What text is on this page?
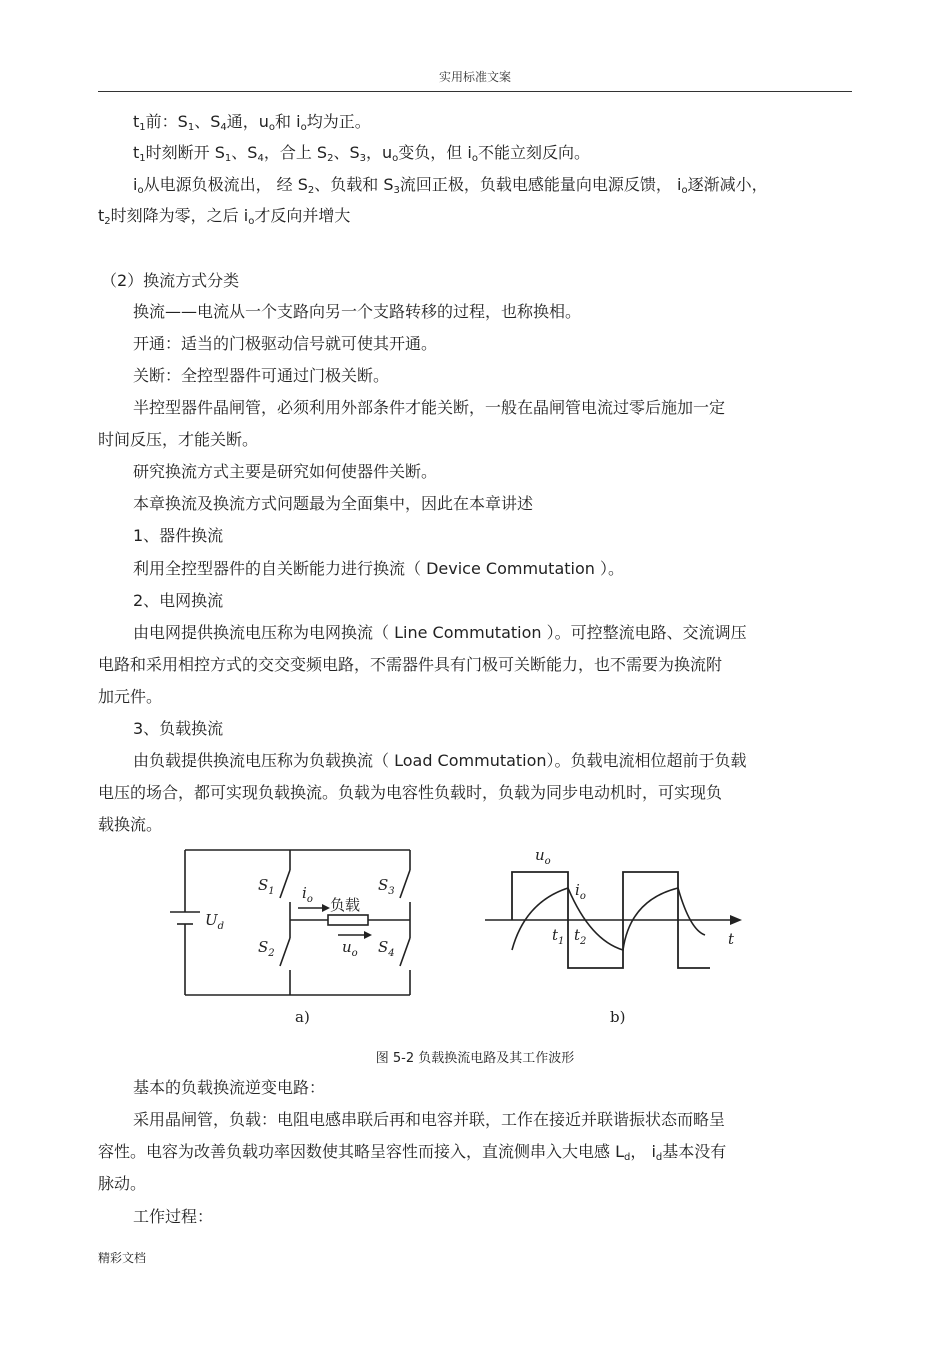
实用标准文案
$t_1$前：$S_1$、$S_4$通，$u_o$和 $i_o$均为正。
$t_1$时刻断开 $S_1$、$S_4$，合上 $S_2$、$S_3$，$u_o$变负，但 $i_o$不能立刻反向。
$i_o$从电源负极流出， 经 $S_2$、负载和 $S_3$流回正极，负载电感能量向电源反馈， $i_o$逐渐减小，
$t_2$时刻降为零，之后 $i_o$才反向并增大
（2）换流方式分类
换流——电流从一个支路向另一个支路转移的过程，也称换相。
开通：适当的门极驱动信号就可使其开通。
关断：全控型器件可通过门极关断。
半控型器件晶闸管，必须利用外部条件才能关断，一般在晶闸管电流过零后施加一定
时间反压，才能关断。
研究换流方式主要是研究如何使器件关断。
本章换流及换流方式问题最为全面集中，因此在本章讲述
1、器件换流
利用全控型器件的自关断能力进行换流（ Device Commutation ）。
2、电网换流
由电网提供换流电压称为电网换流（ Line Commutation ）。可控整流电路、交流调压
电路和采用相控方式的交交变频电路，不需器件具有门极可关断能力，也不需要为换流附
加元件。
3、负载换流
由负载提供换流电压称为负载换流（ Load Commutation）。负载电流相位超前于负载
电压的场合，都可实现负载换流。负载为电容性负载时，负载为同步电动机时，可实现负
载换流。
$U_d$
$S_1$
$S_2$
$S_3$
$S_4$
$i_o$
$u_o$
负载
a)
$u_o$
$i_o$
$t_1$ $t_2$	t
b)
图 5-2 负载换流电路及其工作波形
基本的负载换流逆变电路：
采用晶闸管，负载：电阻电感串联后再和电容并联，工作在接近并联谐振状态而略呈
容性。电容为改善负载功率因数使其略呈容性而接入，直流侧串入大电感 $L_d$， $i_d$基本没有
脉动。
工作过程：
精彩文档
